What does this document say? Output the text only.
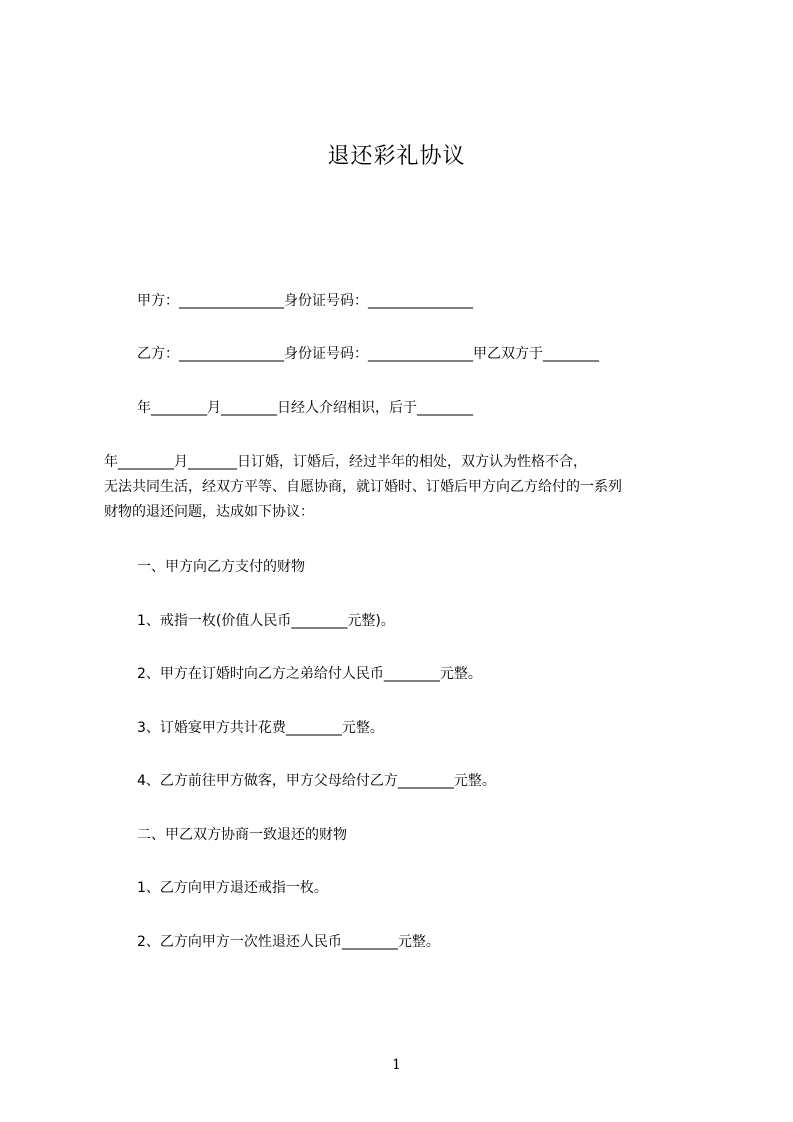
退还彩礼协议
甲方：_______________身份证号码：_______________
乙方：_______________身份证号码：_______________甲乙双方于________
年________月________日经人介绍相识，后于________
年________月_______日订婚，订婚后，经过半年的相处，双方认为性格不合，
无法共同生活，经双方平等、自愿协商，就订婚时、订婚后甲方向乙方给付的一系列
财物的退还问题，达成如下协议：
一、甲方向乙方支付的财物
1、戒指一枚(价值人民币________元整)。
2、甲方在订婚时向乙方之弟给付人民币________元整。
3、订婚宴甲方共计花费________元整。
4、乙方前往甲方做客，甲方父母给付乙方________元整。
二、甲乙双方协商一致退还的财物
1、乙方向甲方退还戒指一枚。
2、乙方向甲方一次性退还人民币________元整。
1
